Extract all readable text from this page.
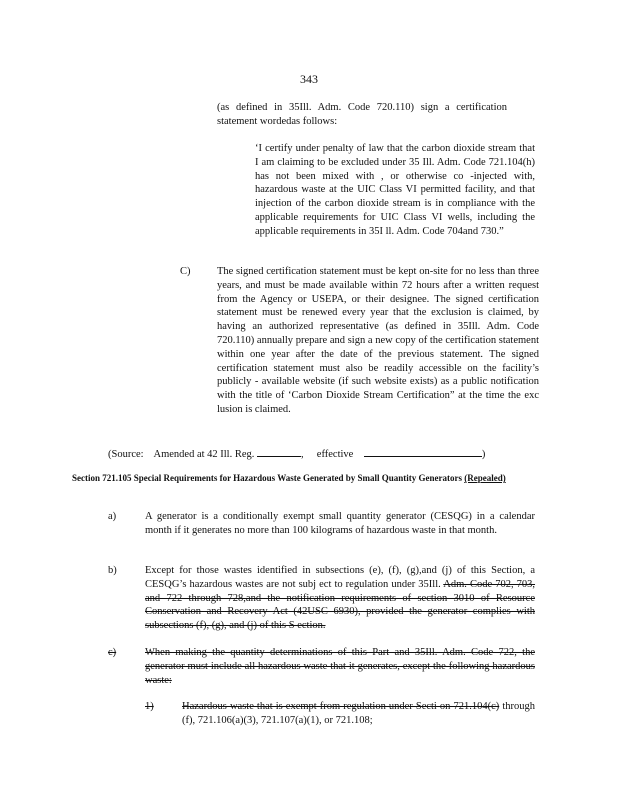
343
(as defined in 35Ill. Adm. Code 720.110) sign a certification statement wordedas follows:
‘I certify under penalty of law that the carbon dioxide stream that I am claiming to be excluded under 35 Ill. Adm. Code 721.104(h) has not been mixed with , or otherwise co -injected with, hazardous waste at the UIC Class VI permitted facility, and that injection of the carbon dioxide stream is in compliance with the applicable requirements for UIC Class VI wells, including the applicable requirements in 35I ll. Adm. Code 704and 730.”
C)	The signed certification statement must be kept on-site for no less than three years, and must be made available within 72 hours after a written request from the Agency or USEPA, or their designee. The signed certification statement must be renewed every year that the exclusion is claimed, by having an authorized representative (as defined in 35Ill. Adm. Code 720.110) annually prepare and sign a new copy of the certification statement within one year after the date of the previous statement. The signed certification statement must also be readily accessible on the facility’s publicly - available website (if such website exists) as a public notification with the title of ‘Carbon Dioxide Stream Certification” at the time the exc lusion is claimed.
(Source: Amended at 42 Ill. Reg.	, effective	)
Section 721.105 Special Requirements for Hazardous Waste Generated by Small Quantity Generators (Repealed)
a)	A generator is a conditionally exempt small quantity generator (CESQG) in a calendar month if it generates no more than 100 kilograms of hazardous waste in that month.
b)	Except for those wastes identified in subsections (e), (f), (g),and (j) of this Section, a CESQG’s hazardous wastes are not subj ect to regulation under 35Ill. Adm. Code 702, 703, and 722 through 728,and the notification requirements of section 3010 of Resource Conservation and Recovery Act (42USC 6930), provided the generator complies with subsections (f), (g), and (j) of this S ection.
c)	When making the quantity determinations of this Part and 35Ill. Adm. Code 722, the generator must include all hazardous waste that it generates, except the following hazardous waste:
1)	Hazardous waste that is exempt from regulation under Secti on 721.104(c) through (f), 721.106(a)(3), 721.107(a)(1), or 721.108;
